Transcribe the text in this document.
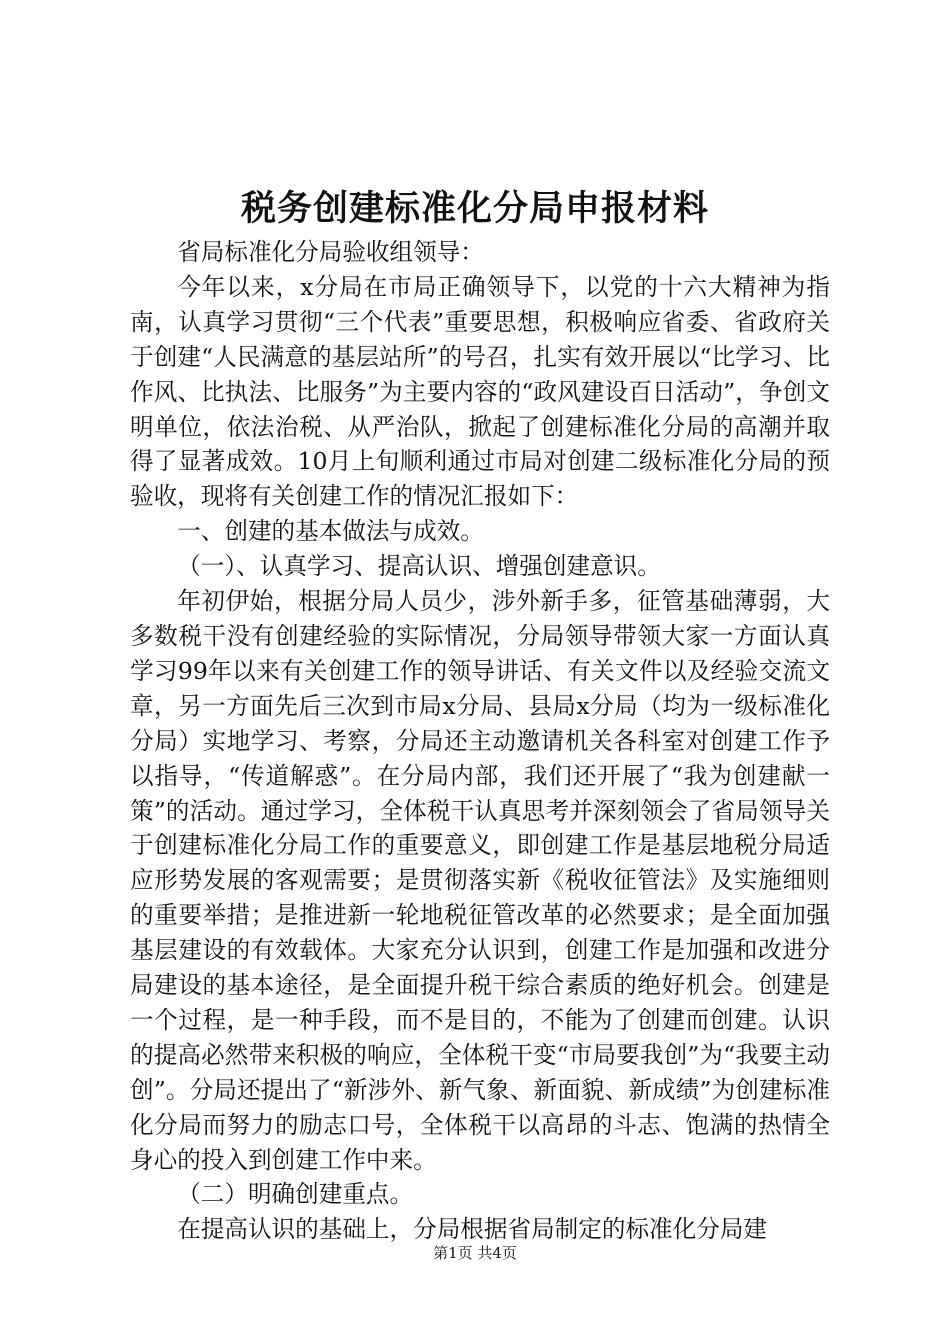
税务创建标准化分局申报材料

省局标准化分局验收组领导：

今年以来，x分局在市局正确领导下，以党的十六大精神为指南，认真学习贯彻“三个代表”重要思想，积极响应省委、省政府关于创建“人民满意的基层站所”的号召，扎实有效开展以“比学习、比作风、比执法、比服务”为主要内容的“政风建设百日活动”，争创文明单位，依法治税、从严治队，掀起了创建标准化分局的高潮并取得了显著成效。10月上旬顺利通过市局对创建二级标准化分局的预验收，现将有关创建工作的情况汇报如下：

一、创建的基本做法与成效。

（一）、认真学习、提高认识、增强创建意识。

年初伊始，根据分局人员少，涉外新手多，征管基础薄弱，大多数税干没有创建经验的实际情况，分局领导带领大家一方面认真学习99年以来有关创建工作的领导讲话、有关文件以及经验交流文章，另一方面先后三次到市局x分局、县局x分局（均为一级标准化分局）实地学习、考察，分局还主动邀请机关各科室对创建工作予以指导，“传道解惑”。在分局内部，我们还开展了“我为创建献一策”的活动。通过学习，全体税干认真思考并深刻领会了省局领导关于创建标准化分局工作的重要意义，即创建工作是基层地税分局适应形势发展的客观需要；是贯彻落实新《税收征管法》及实施细则的重要举措；是推进新一轮地税征管改革的必然要求；是全面加强基层建设的有效载体。大家充分认识到，创建工作是加强和改进分局建设的基本途径，是全面提升税干综合素质的绝好机会。创建是一个过程，是一种手段，而不是目的，不能为了创建而创建。认识的提高必然带来积极的响应，全体税干变“市局要我创”为“我要主动创”。分局还提出了“新涉外、新气象、新面貌、新成绩”为创建标准化分局而努力的励志口号，全体税干以高昂的斗志、饱满的热情全身心的投入到创建工作中来。

（二）明确创建重点。

在提高认识的基础上，分局根据省局制定的标准化分局建

第1页 共4页
